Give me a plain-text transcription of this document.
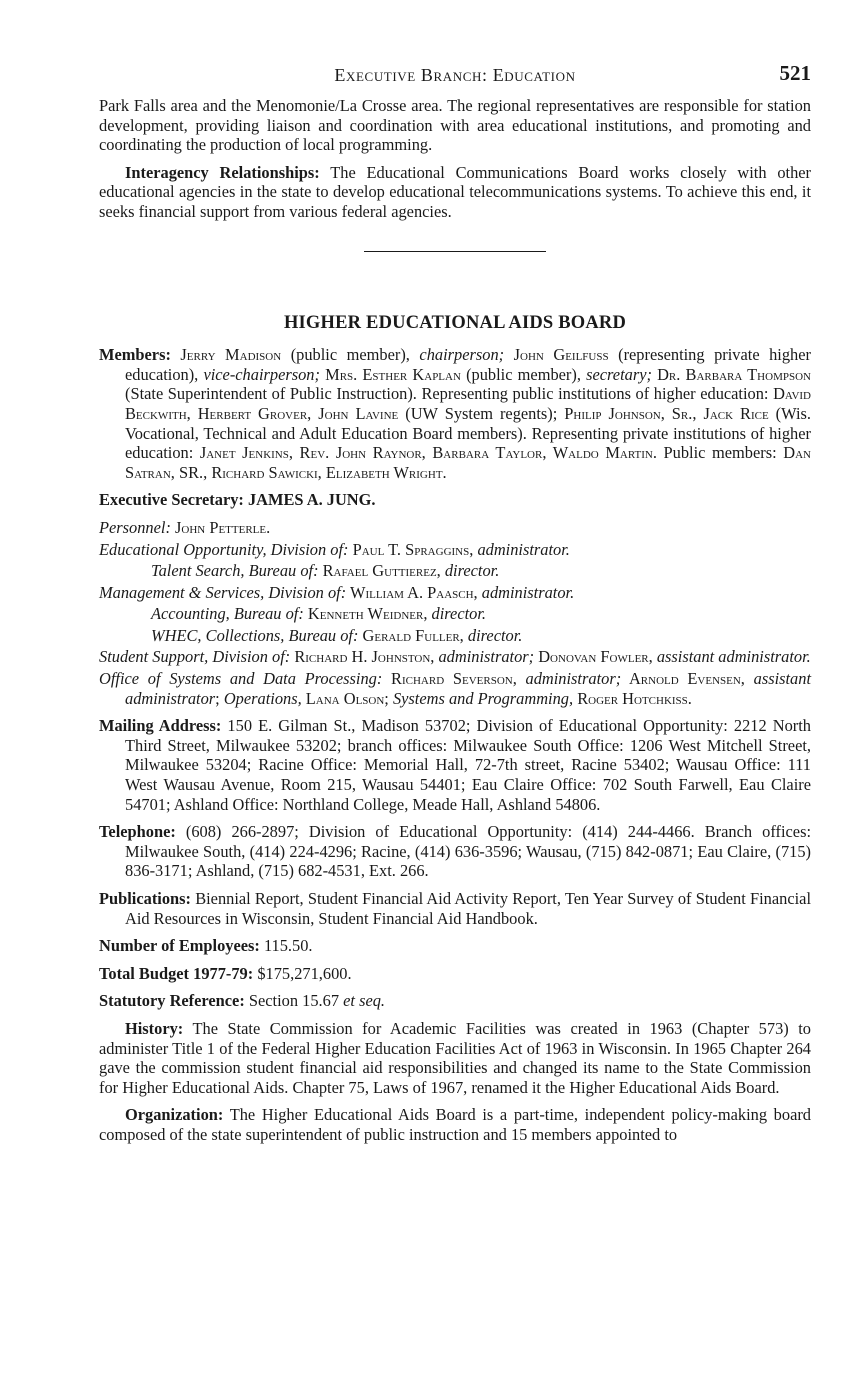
Executive Branch: Education	521

Park Falls area and the Menomonie/La Crosse area. The regional representatives are responsible for station development, providing liaison and coordination with area educational institutions, and promoting and coordinating the production of local programming.

Interagency Relationships: The Educational Communications Board works closely with other educational agencies in the state to develop educational telecommunications systems. To achieve this end, it seeks financial support from various federal agencies.

HIGHER EDUCATIONAL AIDS BOARD

Members: Jerry Madison (public member), chairperson; John Geilfuss (representing private higher education), vice-chairperson; Mrs. Esther Kaplan (public member), secretary; Dr. Barbara Thompson (State Superintendent of Public Instruction). Representing public institutions of higher education: David Beckwith, Herbert Grover, John Lavine (UW System regents); Philip Johnson, Sr., Jack Rice (Wis. Vocational, Technical and Adult Education Board members). Representing private institutions of higher education: Janet Jenkins, Rev. John Raynor, Barbara Taylor, Waldo Martin. Public members: Dan Satran, SR., Richard Sawicki, Elizabeth Wright.

Executive Secretary: JAMES A. JUNG.

Personnel: John Petterle.

Educational Opportunity, Division of: Paul T. Spraggins, administrator.

Talent Search, Bureau of: Rafael Guttierez, director.

Management & Services, Division of: William A. Paasch, administrator.

Accounting, Bureau of: Kenneth Weidner, director.

WHEC, Collections, Bureau of: Gerald Fuller, director.

Student Support, Division of: Richard H. Johnston, administrator; Donovan Fowler, assistant administrator.

Office of Systems and Data Processing: Richard Severson, administrator; Arnold Evensen, assistant administrator; Operations, Lana Olson; Systems and Programming, Roger Hotchkiss.

Mailing Address: 150 E. Gilman St., Madison 53702; Division of Educational Opportunity: 2212 North Third Street, Milwaukee 53202; branch offices: Milwaukee South Office: 1206 West Mitchell Street, Milwaukee 53204; Racine Office: Memorial Hall, 72-7th street, Racine 53402; Wausau Office: 111 West Wausau Avenue, Room 215, Wausau 54401; Eau Claire Office: 702 South Farwell, Eau Claire 54701; Ashland Office: Northland College, Meade Hall, Ashland 54806.

Telephone: (608) 266-2897; Division of Educational Opportunity: (414) 244-4466. Branch offices: Milwaukee South, (414) 224-4296; Racine, (414) 636-3596; Wausau, (715) 842-0871; Eau Claire, (715) 836-3171; Ashland, (715) 682-4531, Ext. 266.

Publications: Biennial Report, Student Financial Aid Activity Report, Ten Year Survey of Student Financial Aid Resources in Wisconsin, Student Financial Aid Handbook.

Number of Employees: 115.50.

Total Budget 1977-79: $175,271,600.

Statutory Reference: Section 15.67 et seq.

History: The State Commission for Academic Facilities was created in 1963 (Chapter 573) to administer Title 1 of the Federal Higher Education Facilities Act of 1963 in Wisconsin. In 1965 Chapter 264 gave the commission student financial aid responsibilities and changed its name to the State Commission for Higher Educational Aids. Chapter 75, Laws of 1967, renamed it the Higher Educational Aids Board.

Organization: The Higher Educational Aids Board is a part-time, independent policy-making board composed of the state superintendent of public instruction and 15 members appointed to
